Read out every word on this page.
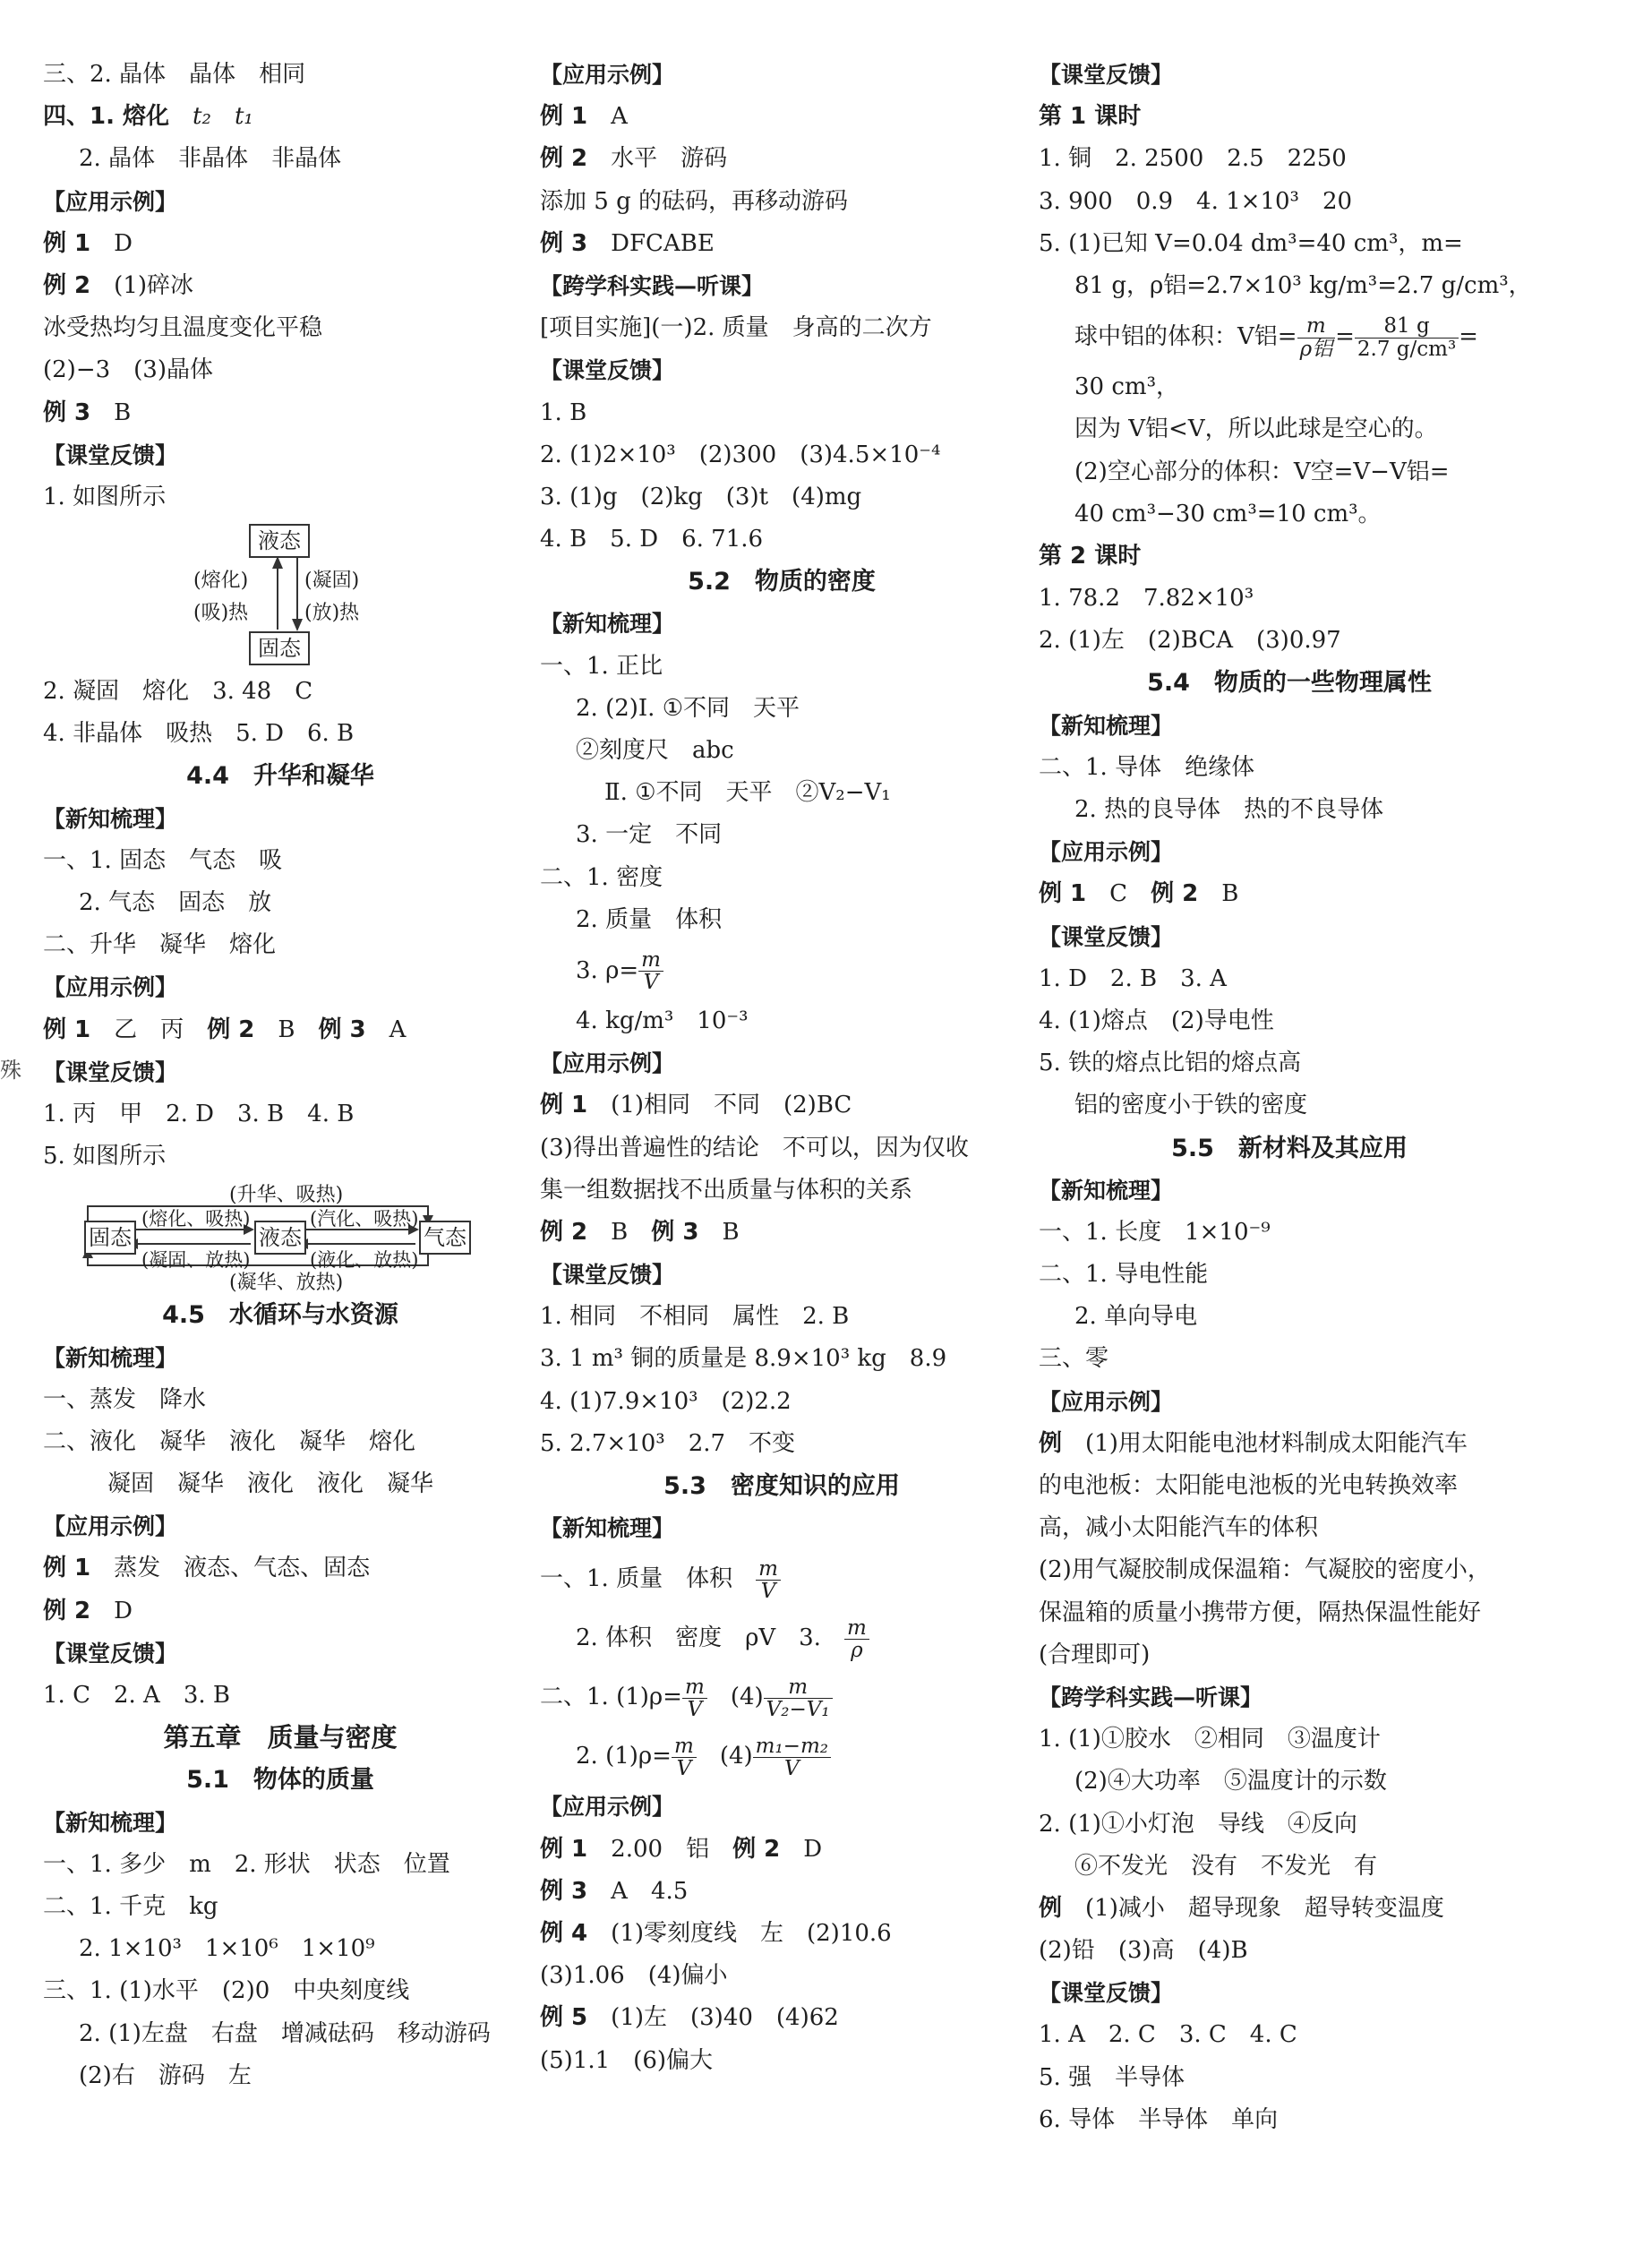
殊
三、2. 晶体　晶体　相同
四、1. 熔化　 t₂　 t₁
2. 晶体　非晶体　非晶体
【应用示例】
例 1　 D
例 2　 (1)碎冰
冰受热均匀且温度变化平稳
(2)−3　(3)晶体
例 3　 B
【课堂反馈】
1. 如图所示
液态
固态
(熔化)
(吸)热
(凝固)
(放)热
2. 凝固　熔化　3. 48　C
4. 非晶体　吸热　5. D　6. B
4.4　升华和凝华
【新知梳理】
一、1. 固态　气态　吸
2. 气态　固态　放
二、升华　凝华　熔化
【应用示例】
例 1　 乙　丙　 例 2　 B　 例 3　 A
【课堂反馈】
1. 丙　甲　2. D　3. B　4. B
5. 如图所示
(升华、吸热)
(凝华、放热)
固态	液态	气态
(熔化、吸热)
(凝固、放热)
(汽化、吸热)
(液化、放热)
4.5　水循环与水资源
【新知梳理】
一、蒸发　降水
二、液化　凝华　液化　凝华　熔化
凝固　凝华　液化　液化　凝华
【应用示例】
例 1　 蒸发　液态、气态、固态
例 2　 D
【课堂反馈】
1. C　2. A　3. B
第五章　质量与密度
5.1　物体的质量
【新知梳理】
一、1. 多少　m　2. 形状　状态　位置
二、1. 千克　kg
2. 1×10³　1×10⁶　1×10⁹
三、1. (1)水平　(2)0　中央刻度线
2. (1)左盘　右盘　增减砝码　移动游码
(2)右　游码　左
【应用示例】
例 1　 A
例 2　 水平　游码
添加 5 g 的砝码，再移动游码
例 3　 DFCABE
【跨学科实践—听课】
[项目实施](一)2. 质量　身高的二次方
【课堂反馈】
1. B
2. (1)2×10³　(2)300　(3)4.5×10⁻⁴
3. (1)g　(2)kg　(3)t　(4)mg
4. B　5. D　6. 71.6
5.2　物质的密度
【新知梳理】
一、1. 正比
2. (2)Ⅰ. ①不同　天平
②刻度尺　abc
Ⅱ. ①不同　天平　②V₂−V₁
3. 一定　不同
二、1. 密度
2. 质量　体积
3. $\rho= \frac{m}{V}$
4. kg/m³　10⁻³
【应用示例】
例 1　 (1)相同　不同　(2)BC
(3)得出普遍性的结论　不可以，因为仅收
集一组数据找不出质量与体积的关系
例 2　 B　 例 3　 B
【课堂反馈】
1. 相同　不相同　属性　2. B
3. 1 m³ 铜的质量是 8.9×10³ kg　8.9
4. (1)7.9×10³　(2)2.2
5. 2.7×10³　2.7　不变
5.3　密度知识的应用
【新知梳理】
一、1. 质量　体积　 $\frac{m}{V}$
2. 体积　密度　ρV　3.　 $\frac{m}{\rho}$
二、1. $(1)\rho= \frac{m}{V}$
　 $(4) \frac{m}{\text{V₂−V₁}}$
2. $(1)\rho= \frac{m}{V}$
　 $(4) \frac{\text{m₁−m₂}}{V}$
【应用示例】
例 1　 2.00　铝　 例 2　 D
例 3　 A　4.5
例 4　 (1)零刻度线　左　(2)10.6
(3)1.06　(4)偏小
例 5　 (1)左　(3)40　(4)62
(5)1.1　(6)偏大
【课堂反馈】
第 1 课时
1. 铜　2. 2500　2.5　2250
3. 900　0.9　4. 1×10³　20
5. (1)已知 V=0.04 dm³=40 cm³，m=
81 g，ρ铝=2.7×10³ kg/m³=2.7 g/cm³，
球中铝的体积：V铝= $\frac{m}{\text{ρ铝}} = \frac{81 g}{\text{2.7 g/cm³}}$ =
30 cm³，
因为 V铝<V，所以此球是空心的。
(2)空心部分的体积：V空=V−V铝=
40 cm³−30 cm³=10 cm³。
第 2 课时
1. 78.2　7.82×10³
2. (1)左　(2)BCA　(3)0.97
5.4　物质的一些物理属性
【新知梳理】
二、1. 导体　绝缘体
2. 热的良导体　热的不良导体
【应用示例】
例 1　 C　 例 2　 B
【课堂反馈】
1. D　2. B　3. A
4. (1)熔点　(2)导电性
5. 铁的熔点比铝的熔点高
铝的密度小于铁的密度
5.5　新材料及其应用
【新知梳理】
一、1. 长度　1×10⁻⁹
二、1. 导电性能
2. 单向导电
三、零
【应用示例】
例　 (1)用太阳能电池材料制成太阳能汽车
的电池板：太阳能电池板的光电转换效率
高，减小太阳能汽车的体积
(2)用气凝胶制成保温箱：气凝胶的密度小，
保温箱的质量小携带方便，隔热保温性能好
(合理即可)
【跨学科实践—听课】
1. (1)①胶水　②相同　③温度计
(2)④大功率　⑤温度计的示数
2. (1)①小灯泡　导线　④反向
⑥不发光　没有　不发光　有
例　 (1)减小　超导现象　超导转变温度
(2)铅　(3)高　(4)B
【课堂反馈】
1. A　2. C　3. C　4. C
5. 强　半导体
6. 导体　半导体　单向
